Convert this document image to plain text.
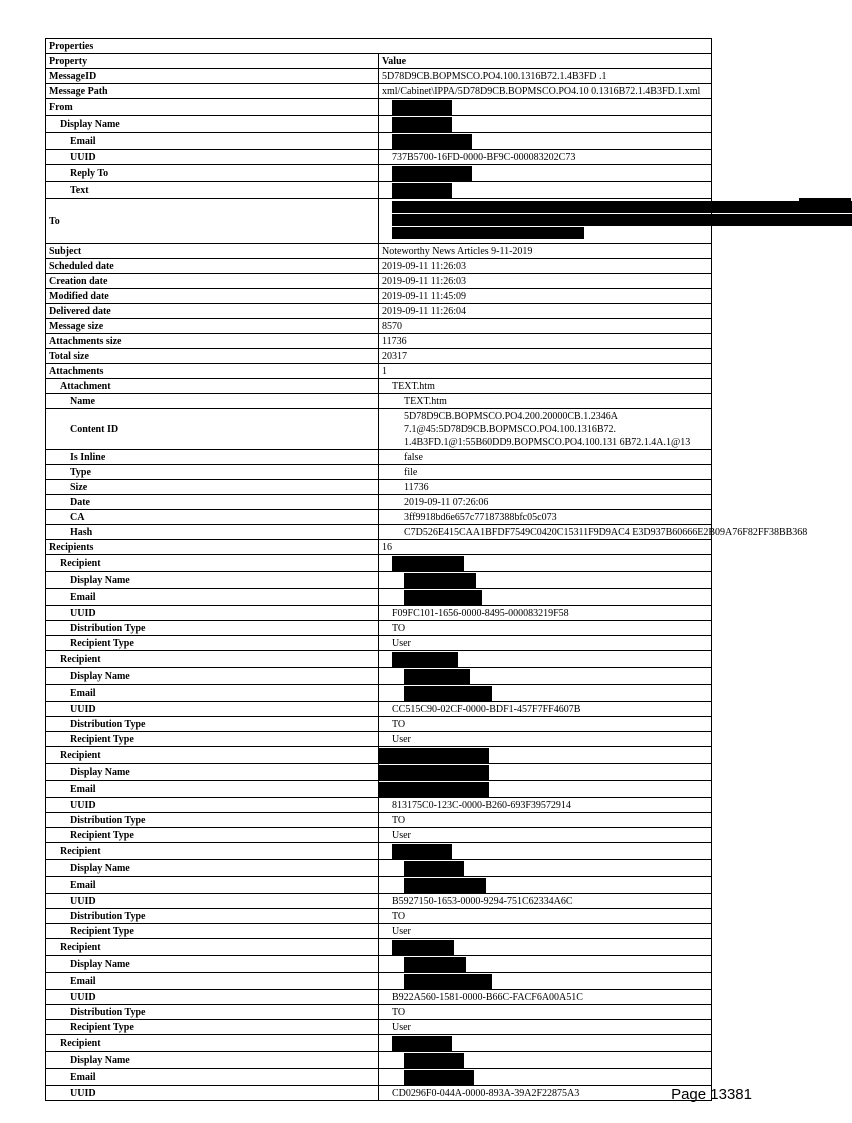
Properties	
Property	Value
MessageID	5D78D9CB.BOPMSCO.PO4.100.1316B72.1.4B3FD .1
Message Path	xml/Cabinet\IPPA/5D78D9CB.BOPMSCO.PO4.10 0.1316B72.1.4B3FD.1.xml
From	
Display Name	
Email	
UUID	737B5700-16FD-0000-BF9C-000083202C73
Reply To	
Text	
To	

Subject	Noteworthy News Articles 9-11-2019
Scheduled date	2019-09-11 11:26:03
Creation date	2019-09-11 11:26:03
Modified date	2019-09-11 11:45:09
Delivered date	2019-09-11 11:26:04
Message size	8570
Attachments size	11736
Total size	20317
Attachments	1
Attachment	TEXT.htm
Name	TEXT.htm
Content ID	5D78D9CB.BOPMSCO.PO4.200.20000CB.1.2346A 7.1@45:5D78D9CB.BOPMSCO.PO4.100.1316B72. 1.4B3FD.1@1:55B60DD9.BOPMSCO.PO4.100.131 6B72.1.4A.1@13
Is Inline	false
Type	file
Size	11736
Date	2019-09-11 07:26:06
CA	3ff9918bd6e657c77187388bfc05c073
Hash	C7D526E415CAA1BFDF7549C0420C15311F9D9AC4 E3D937B60666E2B09A76F82FF38BB368
Recipients	16
Recipient	
Display Name	
Email	
UUID	F09FC101-1656-0000-8495-000083219F58
Distribution Type	TO
Recipient Type	User
Recipient	
Display Name	
Email	
UUID	CC515C90-02CF-0000-BDF1-457F7FF4607B
Distribution Type	TO
Recipient Type	User
Recipient	
Display Name	
Email	
UUID	813175C0-123C-0000-B260-693F39572914
Distribution Type	TO
Recipient Type	User
Recipient	
Display Name	
Email	
UUID	B5927150-1653-0000-9294-751C62334A6C
Distribution Type	TO
Recipient Type	User
Recipient	
Display Name	
Email	
UUID	B922A560-1581-0000-B66C-FACF6A00A51C
Distribution Type	TO
Recipient Type	User
Recipient	
Display Name	
Email	
UUID	CD0296F0-044A-0000-893A-39A2F22875A3	Page 13381
